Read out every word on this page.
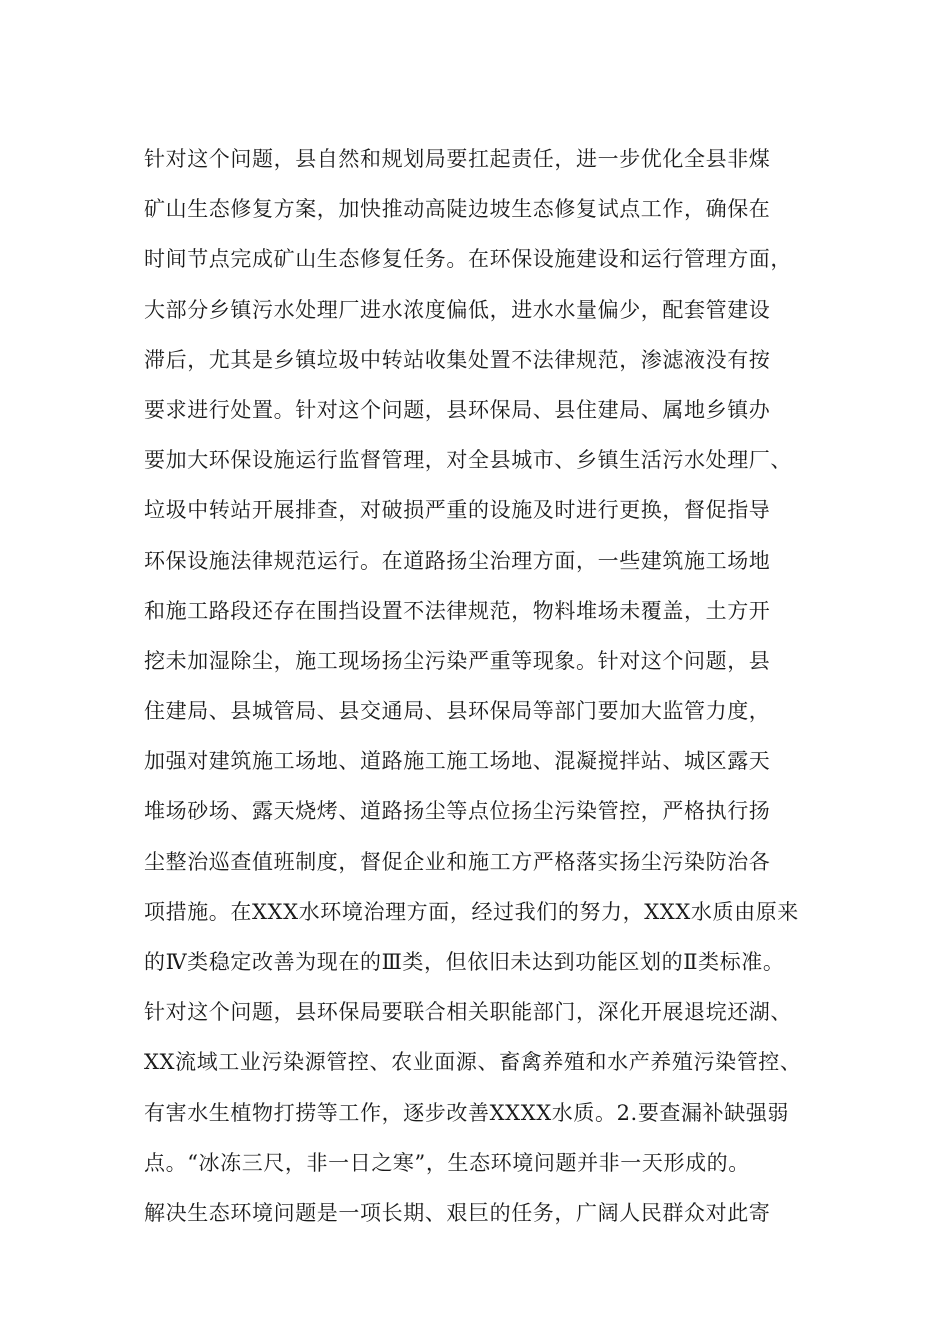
针对这个问题，县自然和规划局要扛起责任，进一步优化全县非煤
矿山生态修复方案，加快推动高陡边坡生态修复试点工作，确保在
时间节点完成矿山生态修复任务。在环保设施建设和运行管理方面，
大部分乡镇污水处理厂进水浓度偏低，进水水量偏少，配套管建设
滞后，尤其是乡镇垃圾中转站收集处置不法律规范，渗滤液没有按
要求进行处置。针对这个问题，县环保局、县住建局、属地乡镇办
要加大环保设施运行监督管理，对全县城市、乡镇生活污水处理厂、
垃圾中转站开展排查，对破损严重的设施及时进行更换，督促指导
环保设施法律规范运行。在道路扬尘治理方面，一些建筑施工场地
和施工路段还存在围挡设置不法律规范，物料堆场未覆盖，土方开
挖未加湿除尘，施工现场扬尘污染严重等现象。针对这个问题，县
住建局、县城管局、县交通局、县环保局等部门要加大监管力度，
加强对建筑施工场地、道路施工施工场地、混凝搅拌站、城区露天
堆场砂场、露天烧烤、道路扬尘等点位扬尘污染管控，严格执行扬
尘整治巡查值班制度，督促企业和施工方严格落实扬尘污染防治各
项措施。在XXX水环境治理方面，经过我们的努力，XXX水质由原来
的Ⅳ类稳定改善为现在的Ⅲ类，但依旧未达到功能区划的Ⅱ类标准。
针对这个问题，县环保局要联合相关职能部门，深化开展退垸还湖、
XX流域工业污染源管控、农业面源、畜禽养殖和水产养殖污染管控、
有害水生植物打捞等工作，逐步改善XXXX水质。2.要查漏补缺强弱
点。“冰冻三尺，非一日之寒”，生态环境问题并非一天形成的。
解决生态环境问题是一项长期、艰巨的任务，广阔人民群众对此寄
